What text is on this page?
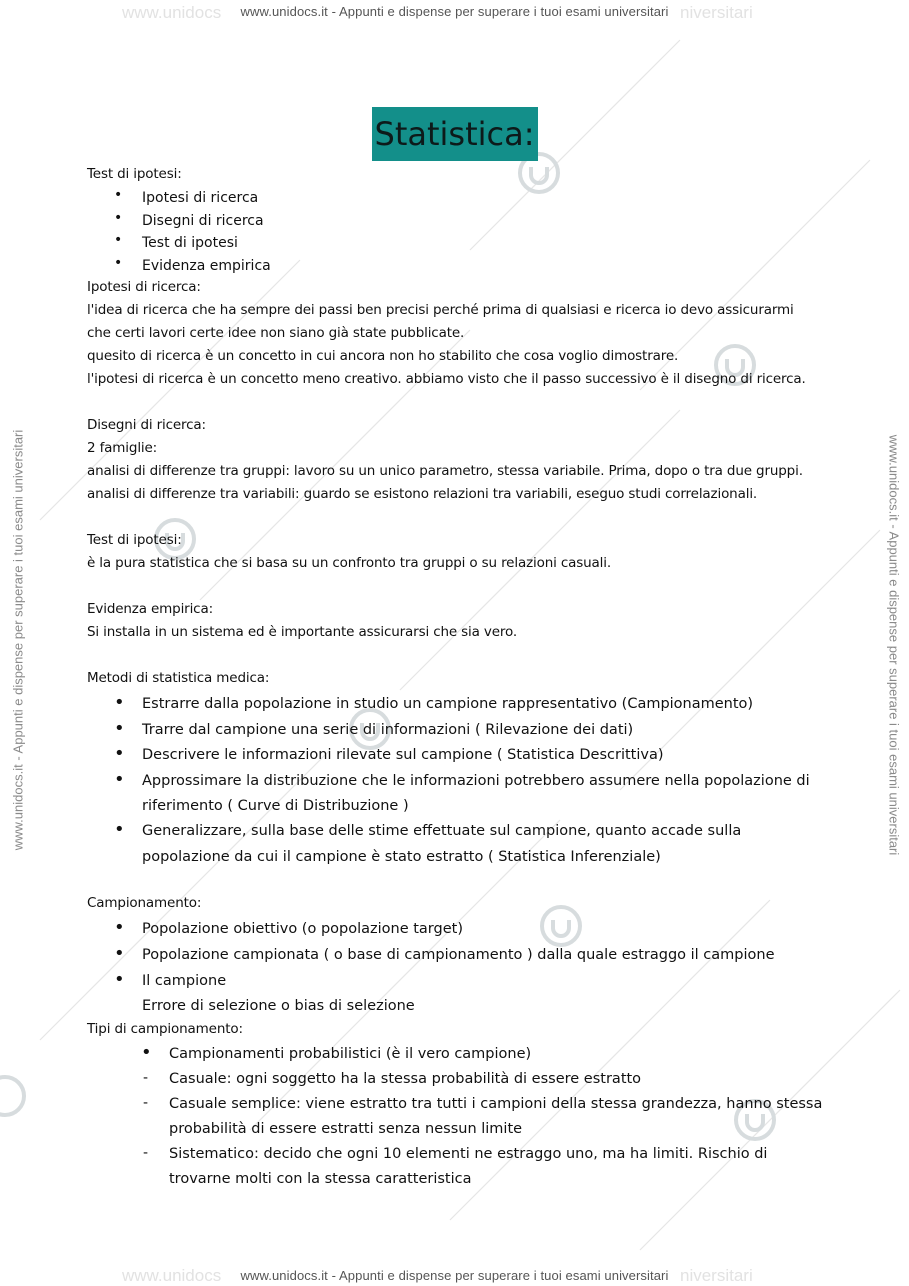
www.unidocs	niversitari
www.unidocs	niversitari
www.unidocs.it - Appunti e dispense per superare i tuoi esami universitari
www.unidocs.it - Appunti e dispense per superare i tuoi esami universitari
www.unidocs.it - Appunti e dispense per superare i tuoi esami universitari	www.unidocs.it - Appunti e dispense per superare i tuoi esami universitari
Statistica:
Test di ipotesi:
• Ipotesi di ricerca
• Disegni di ricerca
• Test di ipotesi
• Evidenza empirica
Ipotesi di ricerca:
l'idea di ricerca che ha sempre dei passi ben precisi perché prima di qualsiasi e ricerca io devo assicurarmi
che certi lavori certe idee non siano già state pubblicate.
quesito di ricerca è un concetto in cui ancora non ho stabilito che cosa voglio dimostrare.
l'ipotesi di ricerca è un concetto meno creativo. abbiamo visto che il passo successivo è il disegno di ricerca.
Disegni di ricerca:
2 famiglie:
analisi di differenze tra gruppi: lavoro su un unico parametro, stessa variabile. Prima, dopo o tra due gruppi.
analisi di differenze tra variabili: guardo se esistono relazioni tra variabili, eseguo studi correlazionali.
Test di ipotesi:
è la pura statistica che si basa su un confronto tra gruppi o su relazioni casuali.
Evidenza empirica:
Si installa in un sistema ed è importante assicurarsi che sia vero.
Metodi di statistica medica:
• Estrarre dalla popolazione in studio un campione rappresentativo (Campionamento)
• Trarre dal campione una serie di informazioni ( Rilevazione dei dati)
• Descrivere le informazioni rilevate sul campione ( Statistica Descrittiva)
• Approssimare la distribuzione che le informazioni potrebbero assumere nella popolazione di
riferimento ( Curve di Distribuzione )
• Generalizzare, sulla base delle stime effettuate sul campione, quanto accade sulla
popolazione da cui il campione è stato estratto ( Statistica Inferenziale)
Campionamento:
• Popolazione obiettivo (o popolazione target)
• Popolazione campionata ( o base di campionamento ) dalla quale estraggo il campione
• Il campione
Errore di selezione o bias di selezione
Tipi di campionamento:
• Campionamenti probabilistici (è il vero campione)
- Casuale: ogni soggetto ha la stessa probabilità di essere estratto
- Casuale semplice: viene estratto tra tutti i campioni della stessa grandezza, hanno stessa
probabilità di essere estratti senza nessun limite
- Sistematico: decido che ogni 10 elementi ne estraggo uno, ma ha limiti. Rischio di
trovarne molti con la stessa caratteristica
